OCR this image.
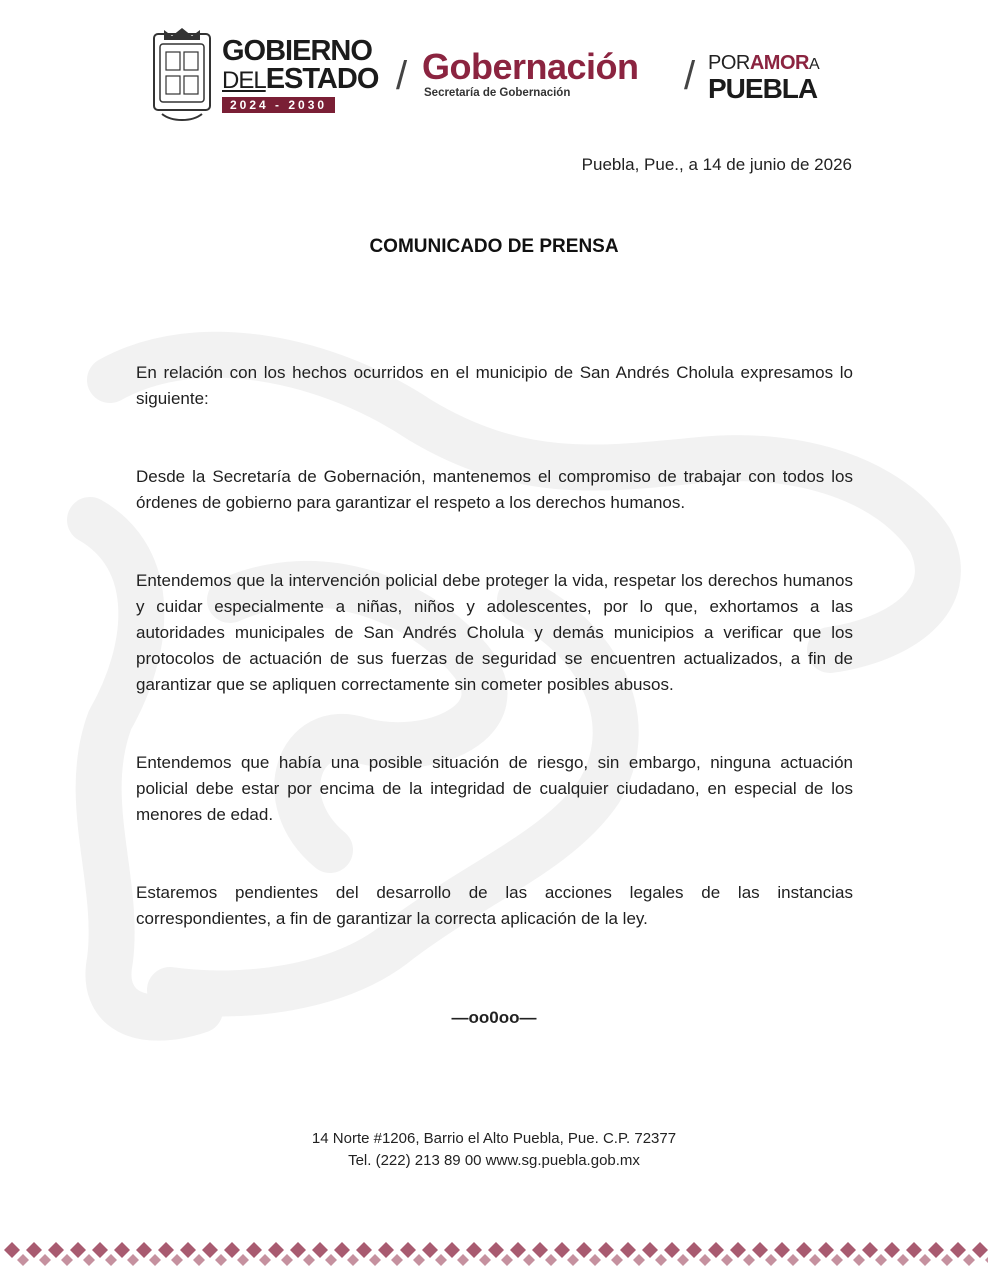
GOBIERNO
DELESTADO
2024 - 2030
/ Gobernación
Secretaría de Gobernación	/ PORAMORA
PUEBLA
Puebla, Pue., a 14 de junio de 2026
COMUNICADO DE PRENSA

En relación con los hechos ocurridos en el municipio de San Andrés Cholula expresamos lo siguiente:

Desde la Secretaría de Gobernación, mantenemos el compromiso de trabajar con todos los órdenes de gobierno para garantizar el respeto a los derechos humanos.

Entendemos que la intervención policial debe proteger la vida, respetar los derechos humanos y cuidar especialmente a niñas, niños y adolescentes, por lo que, exhortamos a las autoridades municipales de San Andrés Cholula y demás municipios a verificar que los protocolos de actuación de sus fuerzas de seguridad se encuentren actualizados, a fin de garantizar que se apliquen correctamente sin cometer posibles abusos.

Entendemos que había una posible situación de riesgo, sin embargo, ninguna actuación policial debe estar por encima de la integridad de cualquier ciudadano, en especial de los menores de edad.

Estaremos pendientes del desarrollo de las acciones legales de las instancias correspondientes, a fin de garantizar la correcta aplicación de la ley.

—oo0oo—
14 Norte #1206, Barrio el Alto Puebla, Pue. C.P. 72377
Tel. (222) 213 89 00 www.sg.puebla.gob.mx
